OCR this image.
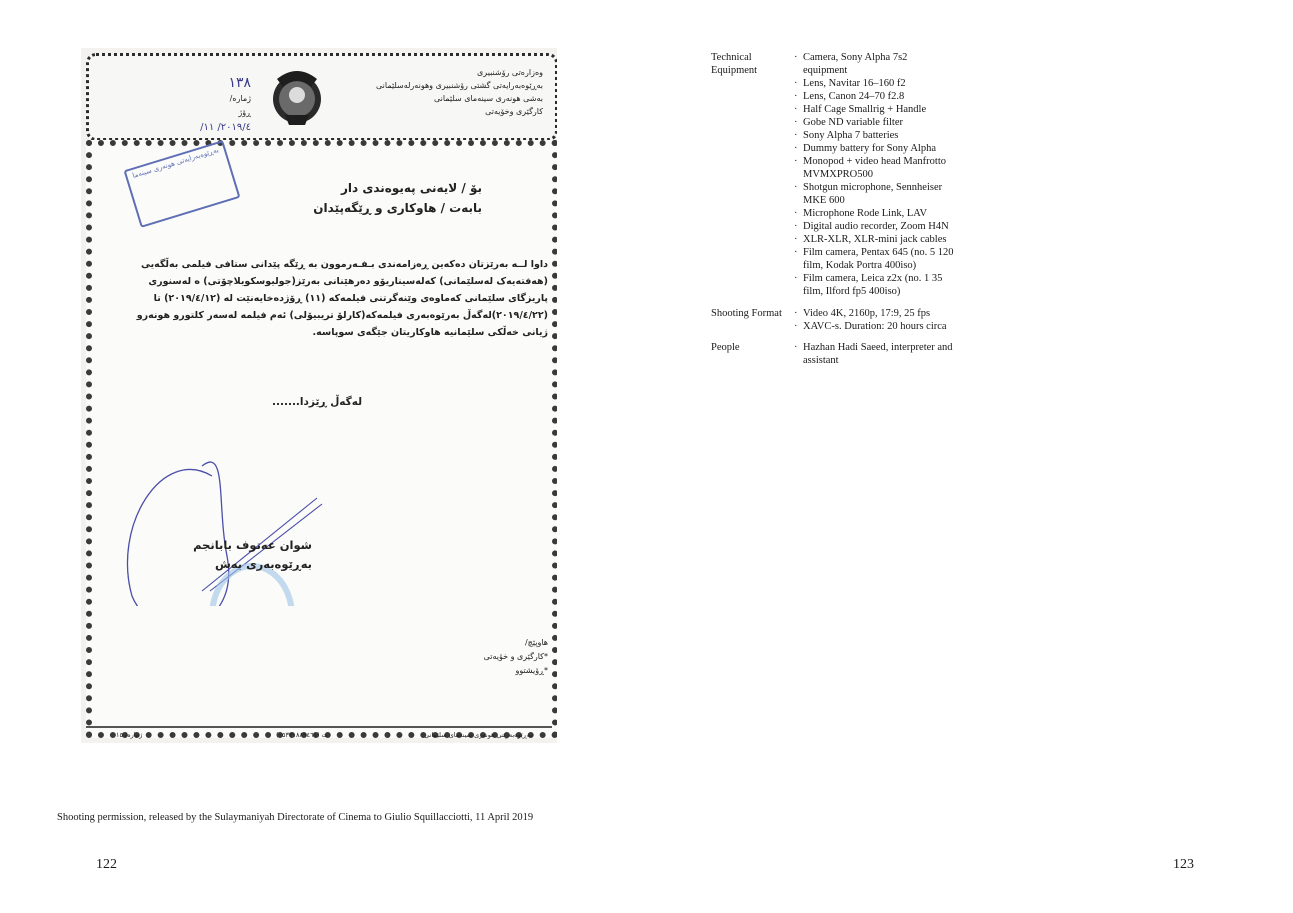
وەزارەتی رۆشنبیری
بەڕێوەبەرایەتی گشتی رۆشنبیری وهونەرلەسلێمانی
بەشی هونەری سینەمای سلێمانی
کارگێری وخۆیەتی
١٣٨
ژمارە/
ڕۆژ
٢٠١٩/٤/ ١١/
بەڕێوەبەرایەتی هونەری سینەما
بۆ / لایەنی پەیوەندی دار
بابەت / هاوکاری و ڕێگەپێدان
داوا لــە بەرێزتان دەکەین ڕەزامەندی بـفـەرموون بە ڕێگە پێدانی ستافی فیلمی بەڵگەیی
(هەفتەیەک لەسلێمانی) کەلەسیناریۆو دەرهێنانی بەرێز(جولیوسکویلاچۆتی) ە لەسنوری
پاریزگای سلێمانی کەماوەی وێنەگرتنی فیلمەکە (١١) ڕۆژدەخایەنێت لە (٢٠١٩/٤/١٢) تا
(٢٠١٩/٤/٢٢)لەگەڵ بەرێوەبەری فیلمەکە(کارلۆ تریبیۆلی) ئەم فیلمە لەسەر کلتورو هونەرو
ژیانی خەڵکی سلێمانیە هاوکاریتان جێگەی سوپاسە.
لەگەڵ ڕێزدا.......
شوان عەتوف بابانجم
بەڕێوەبەری بەش
هاوپێچ/
*کارگێری و خۆیەتی
*ڕۆیشتوو
بەڕێوەبەرێتی هونەری سینەمای سلێمانی
ت (٠٥٣٣١٨٨٩٤٦١)
ژمارە/ ١٥
Shooting permission, released by the Sulaymaniyah Directorate of Cinema to Giulio Squillacciotti, 11 April 2019
122
Technical Equipment
· Camera, Sony Alpha 7s2 equipment
· Lens, Navitar 16–160 f2
· Lens, Canon 24–70 f2.8
· Half Cage Smallrig + Handle
· Gobe ND variable filter
· Sony Alpha 7 batteries
· Dummy battery for Sony Alpha
· Monopod + video head Manfrotto MVMXPRO500
· Shotgun microphone, Sennheiser MKE 600
· Microphone Rode Link, LAV
· Digital audio recorder, Zoom H4N
· XLR-XLR, XLR-mini jack cables
· Film camera, Pentax 645 (no. 5 120 film, Kodak Portra 400iso)
· Film camera, Leica z2x (no. 1 35 film, Ilford fp5 400iso)
Shooting Format	· Video 4K, 2160p, 17:9, 25 fps
· XAVC-s. Duration: 20 hours circa
People	· Hazhan Hadi Saeed, interpreter and assistant
123
